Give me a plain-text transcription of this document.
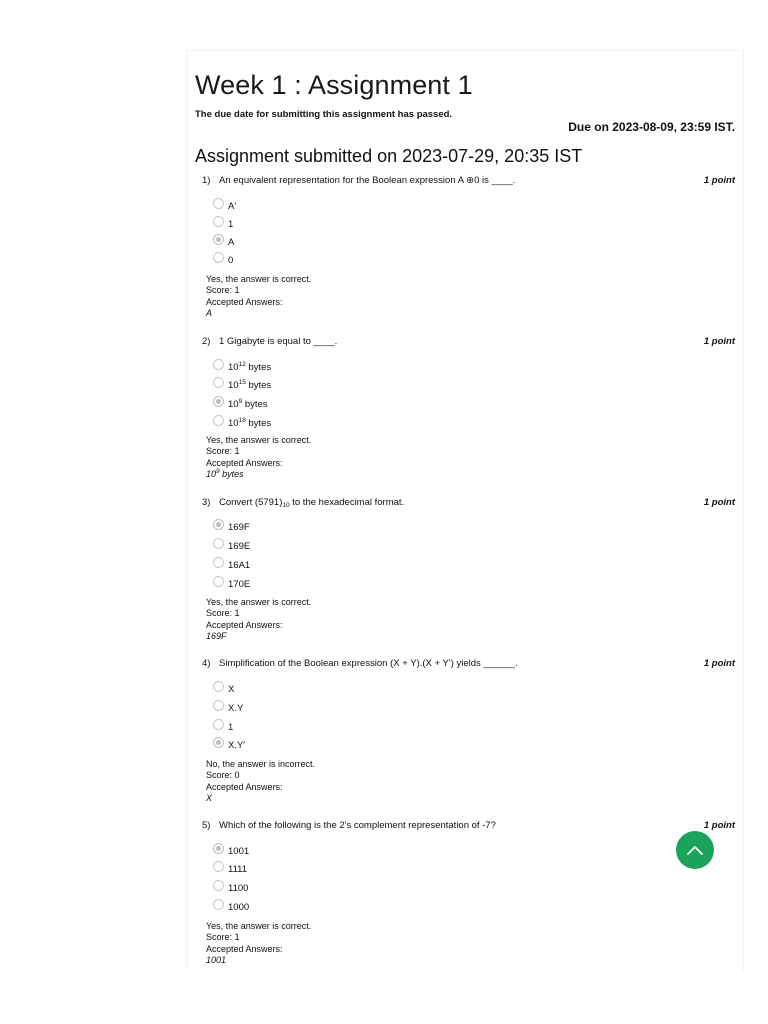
Week 1 : Assignment 1
The due date for submitting this assignment has passed.
Due on 2023-08-09, 23:59 IST.
Assignment submitted on 2023-07-29, 20:35 IST
1) An equivalent representation for the Boolean expression A ⊕0 is ____.	1 point
A'
1
A
0
Yes, the answer is correct.
Score: 1
Accepted Answers:
A
2) 1 Gigabyte is equal to ____.	1 point
$10^{12}$ bytes
$10^{15}$ bytes
$10^9$ bytes
$10^{18}$ bytes
Yes, the answer is correct.
Score: 1
Accepted Answers:
$10^9$ bytes
3) Convert $(5791)_{10}$ to the hexadecimal format.	1 point
169F
169E
16A1
170E
Yes, the answer is correct.
Score: 1
Accepted Answers:
169F
4) Simplification of the Boolean expression (X + Y).(X + Y') yields ______.	1 point
X
X.Y
1
X.Y'
No, the answer is incorrect.
Score: 0
Accepted Answers:
X
5) Which of the following is the 2's complement representation of -7?	1 point
1001
1111
1100
1000
Yes, the answer is correct.
Score: 1
Accepted Answers:
1001
